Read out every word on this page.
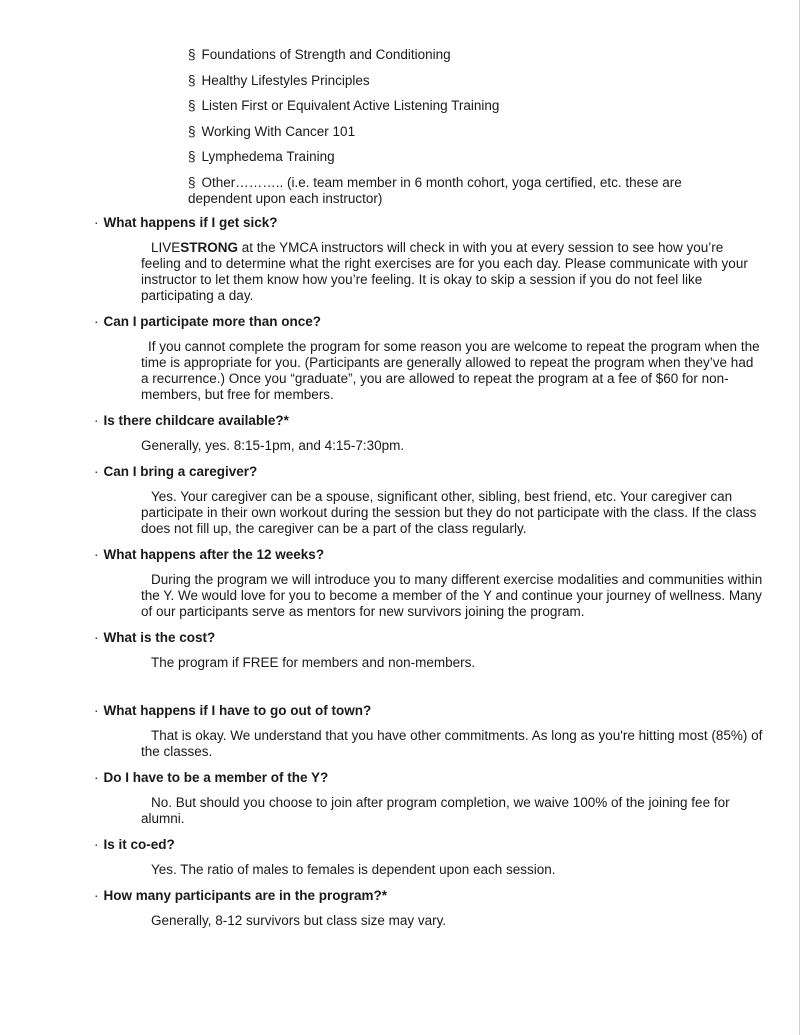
§ Foundations of Strength and Conditioning
§ Healthy Lifestyles Principles
§ Listen First or Equivalent Active Listening Training
§ Working With Cancer 101
§ Lymphedema Training
§ Other……….. (i.e. team member in 6 month cohort, yoga certified, etc. these are dependent upon each instructor)

· What happens if I get sick?

LIVESTRONG at the YMCA instructors will check in with you at every session to see how you’re feeling and to determine what the right exercises are for you each day. Please communicate with your instructor to let them know how you’re feeling. It is okay to skip a session if you do not feel like participating a day.

· Can I participate more than once?

If you cannot complete the program for some reason you are welcome to repeat the program when the time is appropriate for you. (Participants are generally allowed to repeat the program when they’ve had a recurrence.) Once you “graduate”, you are allowed to repeat the program at a fee of $60 for non-members, but free for members.

· Is there childcare available?*

Generally, yes. 8:15-1pm, and 4:15-7:30pm.

· Can I bring a caregiver?

Yes. Your caregiver can be a spouse, significant other, sibling, best friend, etc. Your caregiver can participate in their own workout during the session but they do not participate with the class. If the class does not fill up, the caregiver can be a part of the class regularly.

· What happens after the 12 weeks?

During the program we will introduce you to many different exercise modalities and communities within the Y. We would love for you to become a member of the Y and continue your journey of wellness. Many of our participants serve as mentors for new survivors joining the program.

· What is the cost?

The program if FREE for members and non-members.

· What happens if I have to go out of town?

That is okay. We understand that you have other commitments. As long as you're hitting most (85%) of the classes.

· Do I have to be a member of the Y?

No. But should you choose to join after program completion, we waive 100% of the joining fee for alumni.

· Is it co-ed?

Yes. The ratio of males to females is dependent upon each session.

· How many participants are in the program?*

Generally, 8-12 survivors but class size may vary.
